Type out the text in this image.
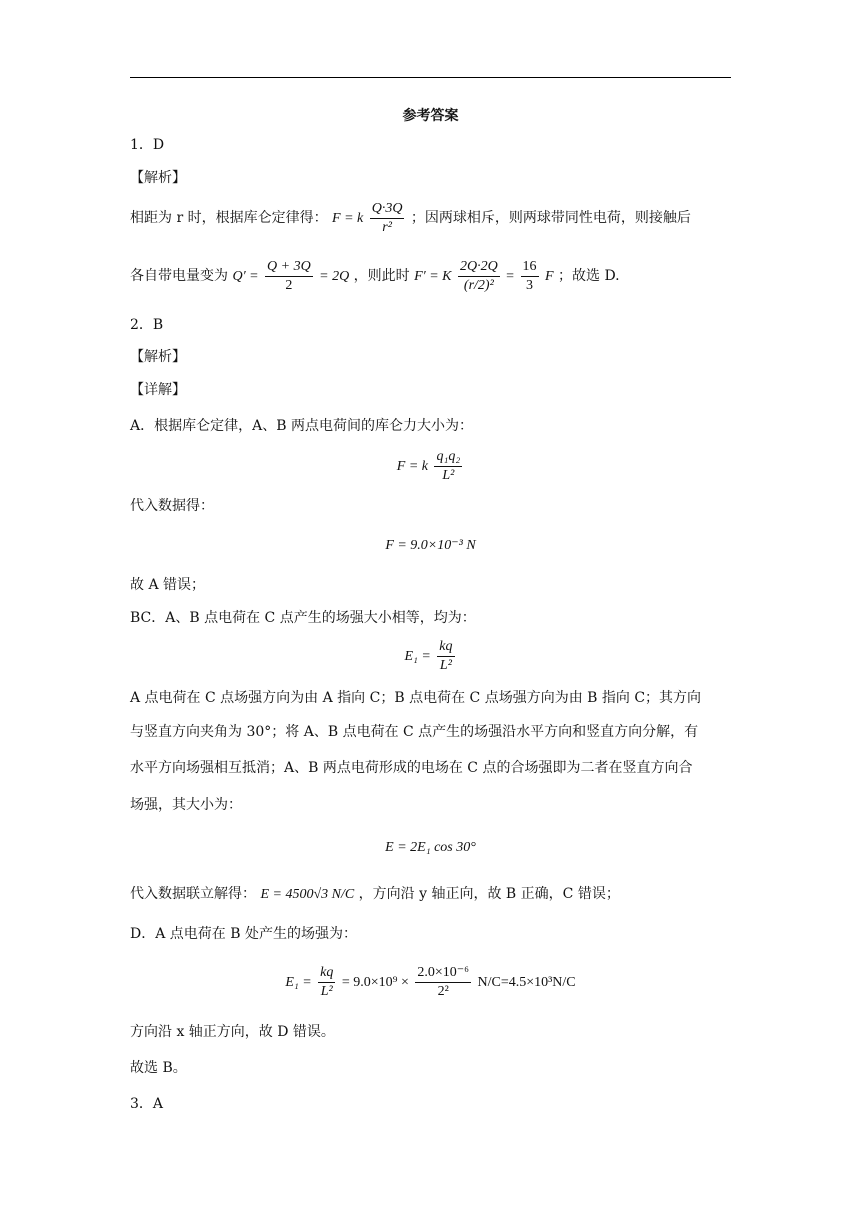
参考答案
1．D
【解析】
相距为 r 时，根据库仑定律得： F = k $\frac{Q\cdot 3Q}{\text{r²}}$ ；因两球相斥，则两球带同性电荷，则接触后
各自带电量变为 $Q' = \frac{Q + 3Q}{2} = 2Q$ ，则此时 F′ = K $\frac{2Q\cdot 2Q}{\text{(r/2)²}} = \frac{16}{3}$ F ；故选 D.
2．B
【解析】
【详解】
A．根据库仑定律，A、B 两点电荷间的库仑力大小为：
F = k $\frac{\text{q₁q₂}}{\text{L²}}$
代入数据得：
F = 9.0×10⁻³ N
故 A 错误；
BC．A、B 点电荷在 C 点产生的场强大小相等，均为：
$E_1 = \frac{kq}{\text{L²}}$
A 点电荷在 C 点场强方向为由 A 指向 C；B 点电荷在 C 点场强方向为由 B 指向 C；其方向
与竖直方向夹角为 30°；将 A、B 点电荷在 C 点产生的场强沿水平方向和竖直方向分解，有
水平方向场强相互抵消；A、B 两点电荷形成的电场在 C 点的合场强即为二者在竖直方向合
场强，其大小为：
E = 2E₁ cos 30°
代入数据联立解得： E = 4500√3 N/C ，方向沿 y 轴正向，故 B 正确，C 错误；
D．A 点电荷在 B 处产生的场强为：
$E_1 = \frac{kq}{\text{L²}} = 9.0\times 10^9 \times \frac{\text{2.0×10⁻⁶}}{\text{2²}} N/C=4.5\times 10^3N/C$
方向沿 x 轴正方向，故 D 错误。
故选 B。
3．A
